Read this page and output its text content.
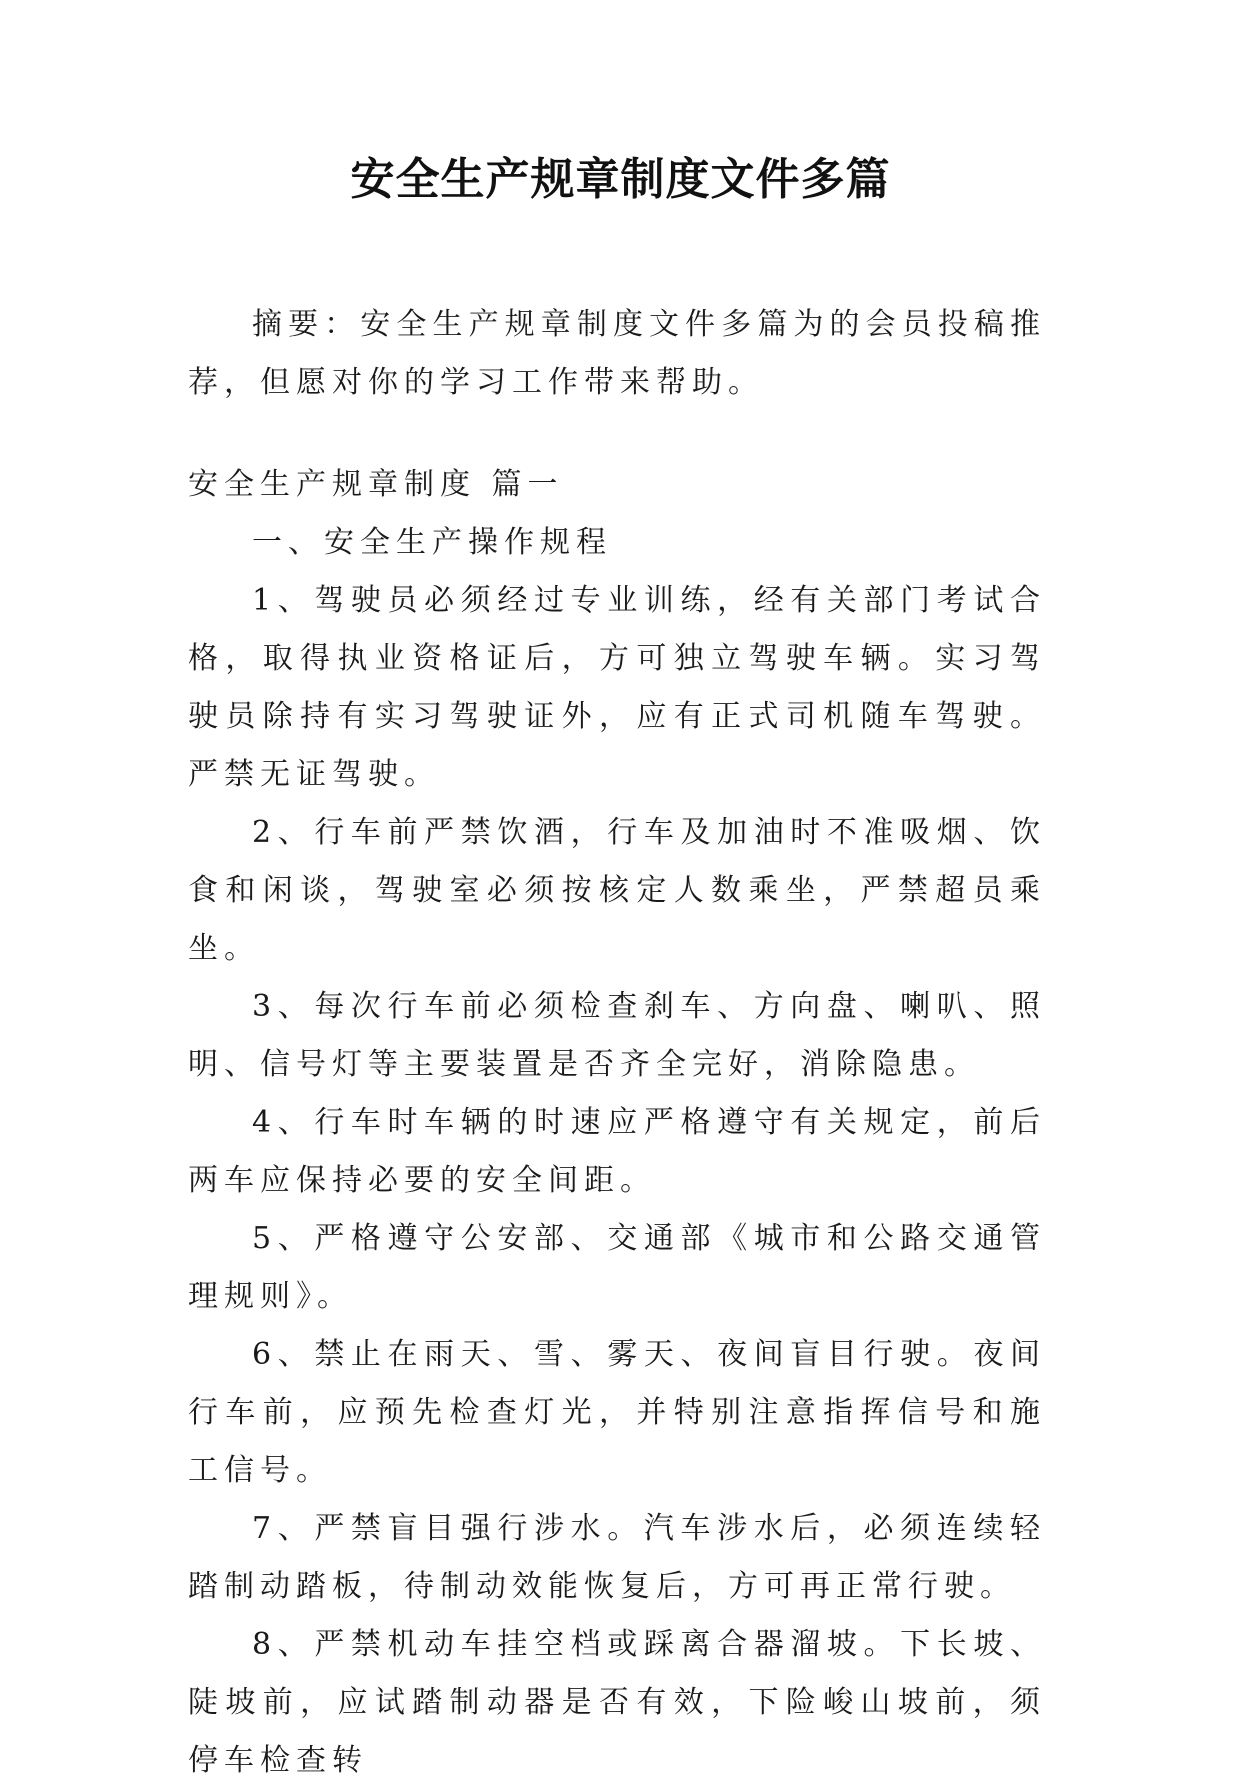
安全生产规章制度文件多篇

摘要：安全生产规章制度文件多篇为的会员投稿推荐，但愿对你的学习工作带来帮助。

安全生产规章制度 篇一

一、安全生产操作规程

1、驾驶员必须经过专业训练，经有关部门考试合格，取得执业资格证后，方可独立驾驶车辆。实习驾驶员除持有实习驾驶证外，应有正式司机随车驾驶。严禁无证驾驶。

2、行车前严禁饮酒，行车及加油时不准吸烟、饮食和闲谈，驾驶室必须按核定人数乘坐，严禁超员乘坐。

3、每次行车前必须检查刹车、方向盘、喇叭、照明、信号灯等主要装置是否齐全完好，消除隐患。

4、行车时车辆的时速应严格遵守有关规定，前后两车应保持必要的安全间距。

5、严格遵守公安部、交通部《城市和公路交通管理规则》。

6、禁止在雨天、雪、雾天、夜间盲目行驶。夜间行车前，应预先检查灯光，并特别注意指挥信号和施工信号。

7、严禁盲目强行涉水。汽车涉水后，必须连续轻踏制动踏板，待制动效能恢复后，方可再正常行驶。

8、严禁机动车挂空档或踩离合器溜坡。下长坡、陡坡前，应试踏制动器是否有效，下险峻山坡前，须停车检查转
